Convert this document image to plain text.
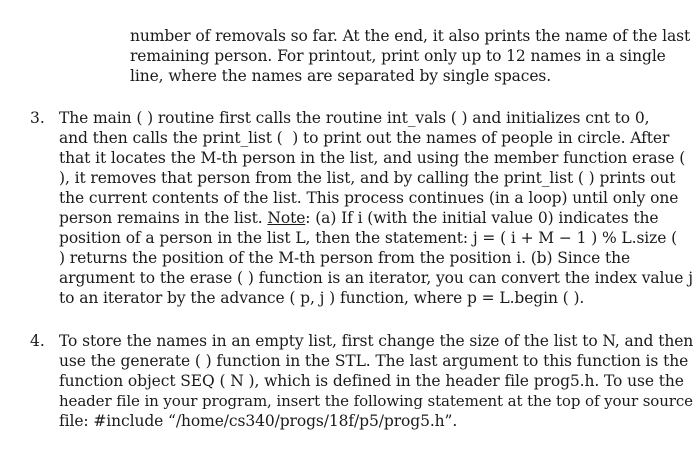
number of removals so far. At the end, it also prints the name of the last
remaining person. For printout, print only up to 12 names in a single
line, where the names are separated by single spaces.
3. The main ( ) routine first calls the routine int_vals ( ) and initializes cnt to 0,
and then calls the print_list (  ) to print out the names of people in circle. After
that it locates the M-th person in the list, and using the member function erase (
), it removes that person from the list, and by calling the print_list ( ) prints out
the current contents of the list. This process continues (in a loop) until only one
person remains in the list. Note: (a) If i (with the initial value 0) indicates the
position of a person in the list L, then the statement: j = ( i + M − 1 ) % L.size (
) returns the position of the M-th person from the position i. (b) Since the
argument to the erase ( ) function is an iterator, you can convert the index value j
to an iterator by the advance ( p, j ) function, where p = L.begin ( ).
4. To store the names in an empty list, first change the size of the list to N, and then
use the generate ( ) function in the STL. The last argument to this function is the
function object SEQ ( N ), which is defined in the header file prog5.h. To use the
header file in your program, insert the following statement at the top of your source
file: #include “/home/cs340/progs/18f/p5/prog5.h”.
